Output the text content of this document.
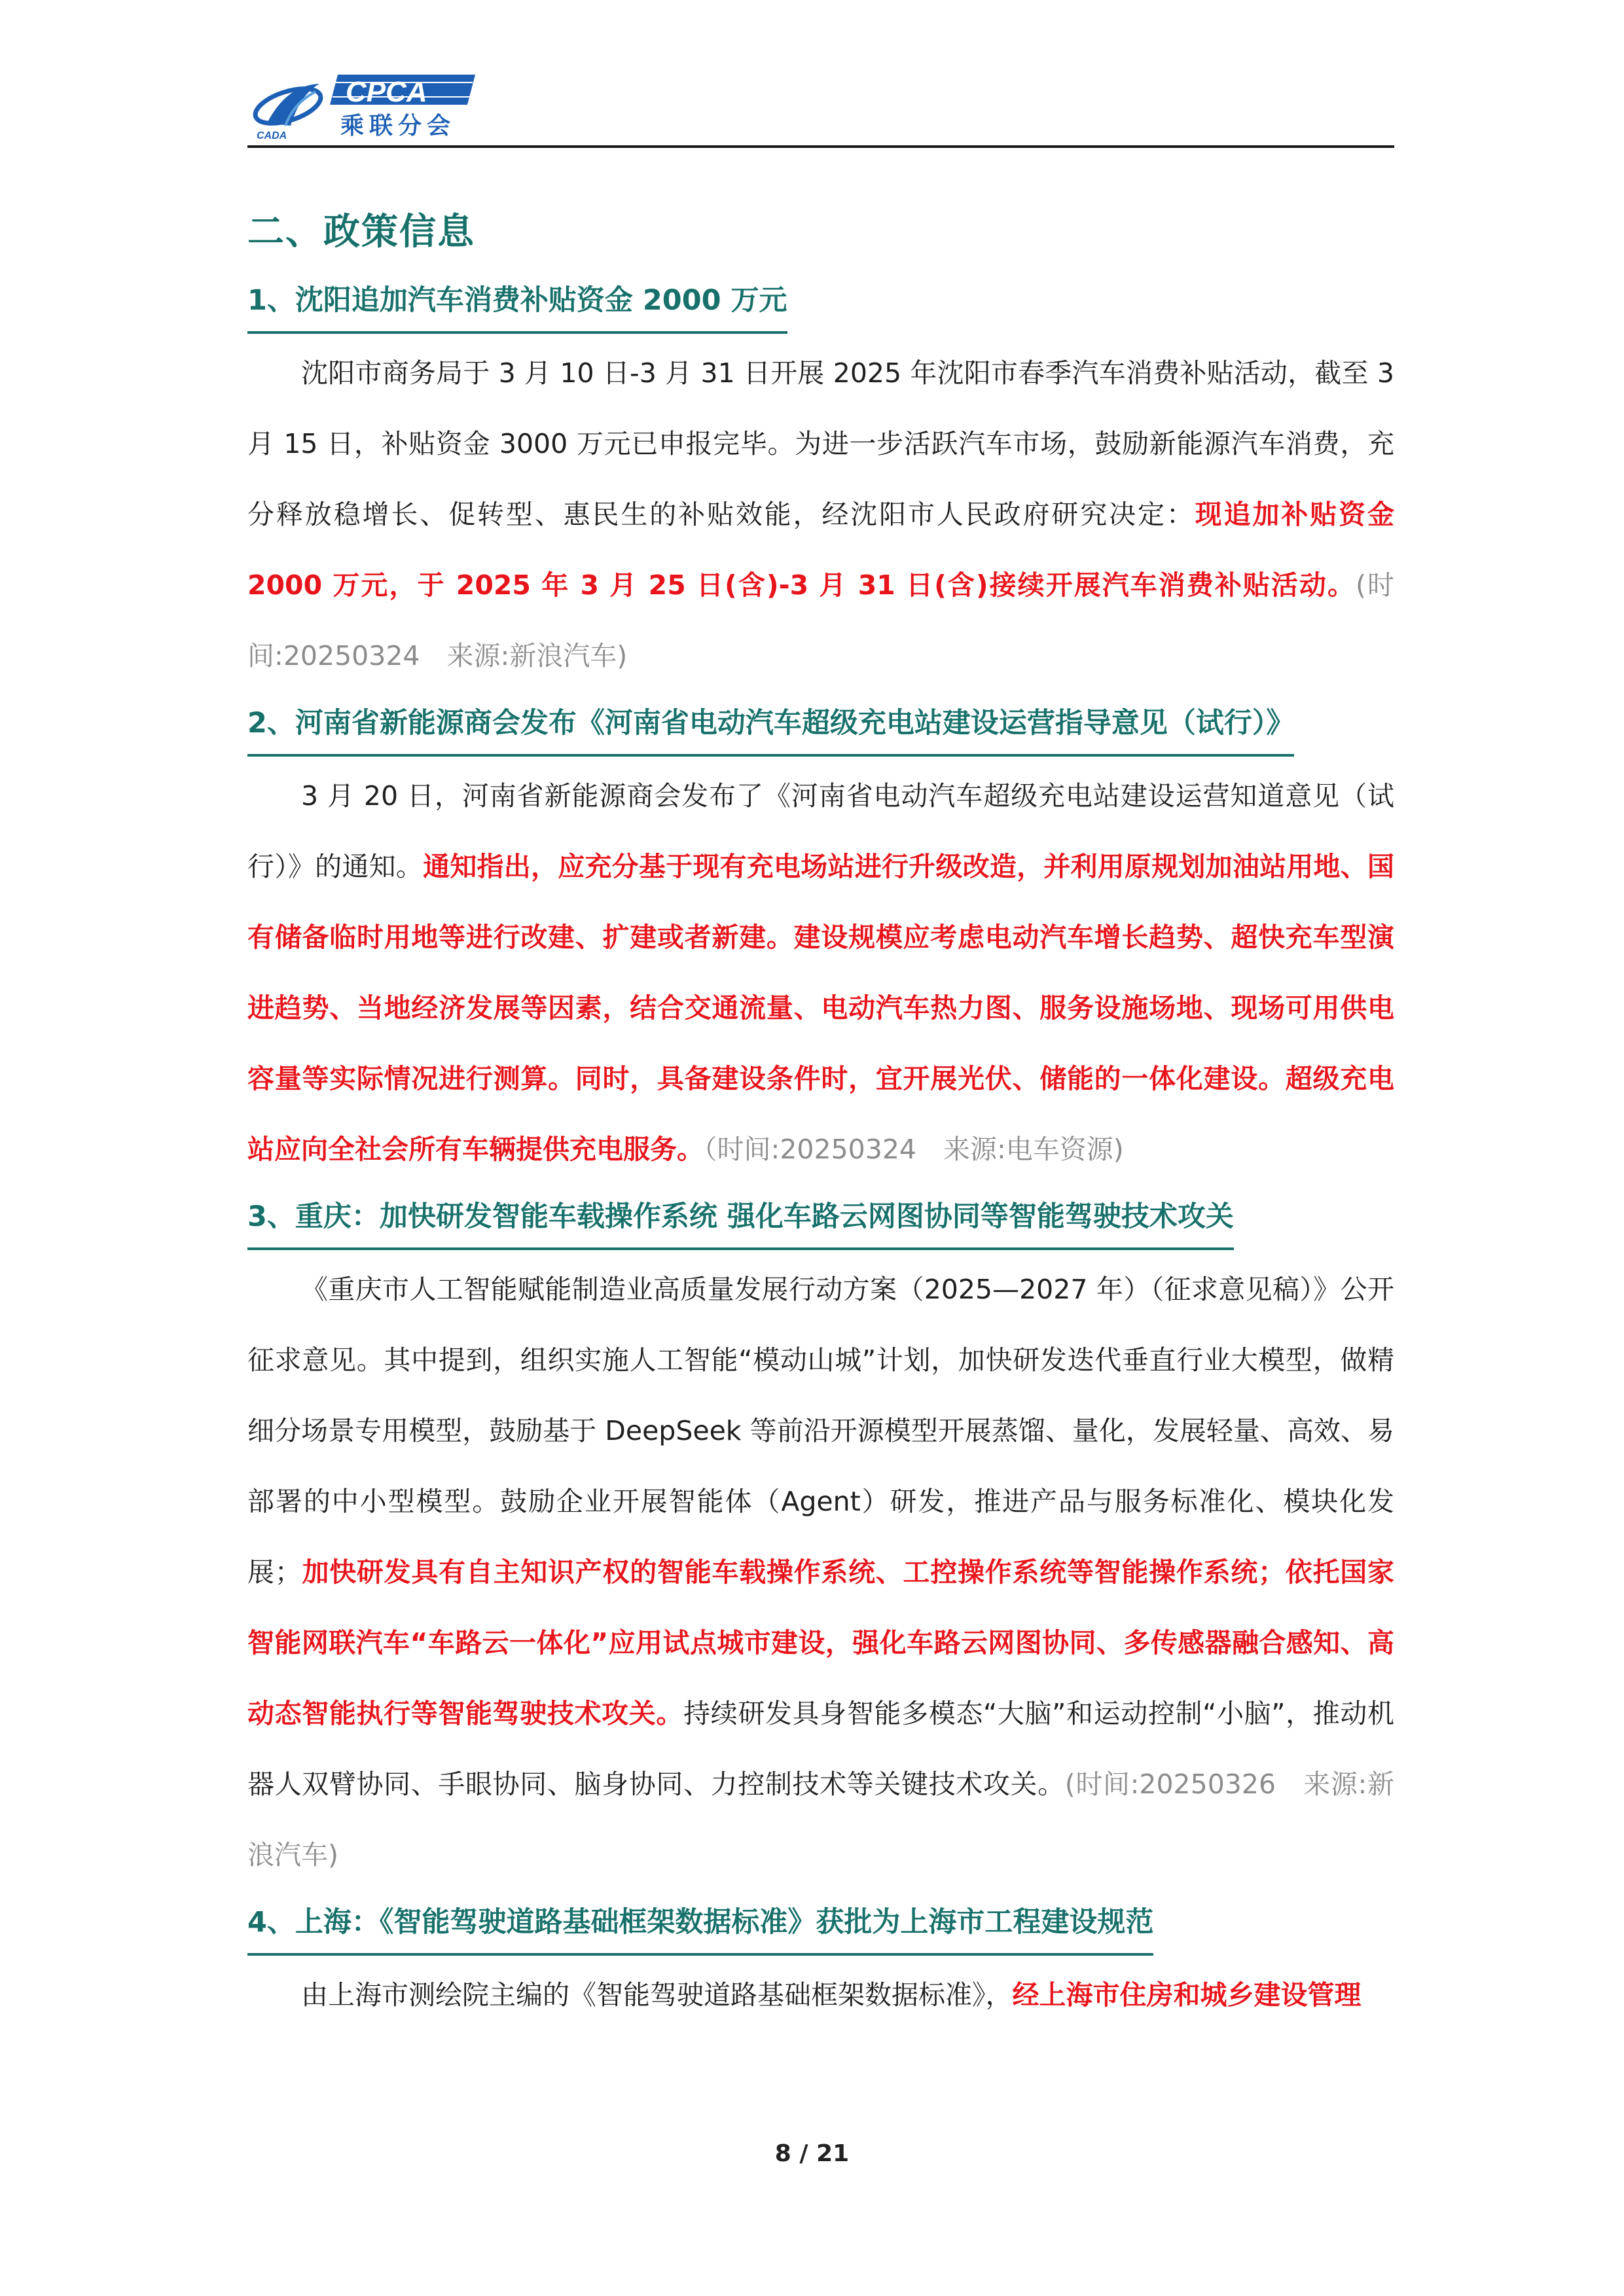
CADA
CPCA
乘联分会
二、政策信息
1、沈阳追加汽车消费补贴资金 2000 万元

沈阳市商务局于 3 月 10 日-3 月 31 日开展 2025 年沈阳市春季汽车消费补贴活动，截至 3 月 15 日，补贴资金 3000 万元已申报完毕。为进一步活跃汽车市场，鼓励新能源汽车消费，充分释放稳增长、促转型、惠民生的补贴效能，经沈阳市人民政府研究决定：现追加补贴资金 2000 万元，于 2025 年 3 月 25 日(含)-3 月 31 日(含)接续开展汽车消费补贴活动。(时间:20250324　来源:新浪汽车)

2、河南省新能源商会发布《河南省电动汽车超级充电站建设运营指导意见（试行）》

3 月 20 日，河南省新能源商会发布了《河南省电动汽车超级充电站建设运营知道意见（试行）》的通知。通知指出，应充分基于现有充电场站进行升级改造，并利用原规划加油站用地、国有储备临时用地等进行改建、扩建或者新建。建设规模应考虑电动汽车增长趋势、超快充车型演进趋势、当地经济发展等因素，结合交通流量、电动汽车热力图、服务设施场地、现场可用供电容量等实际情况进行测算。同时，具备建设条件时，宜开展光伏、储能的一体化建设。超级充电站应向全社会所有车辆提供充电服务。（时间:20250324　来源:电车资源)

3、重庆：加快研发智能车载操作系统 强化车路云网图协同等智能驾驶技术攻关

《重庆市人工智能赋能制造业高质量发展行动方案（2025—2027 年）（征求意见稿）》公开征求意见。其中提到，组织实施人工智能“模动山城”计划，加快研发迭代垂直行业大模型，做精细分场景专用模型，鼓励基于 DeepSeek 等前沿开源模型开展蒸馏、量化，发展轻量、高效、易部署的中小型模型。鼓励企业开展智能体（Agent）研发，推进产品与服务标准化、模块化发展；加快研发具有自主知识产权的智能车载操作系统、工控操作系统等智能操作系统；依托国家智能网联汽车“车路云一体化”应用试点城市建设，强化车路云网图协同、多传感器融合感知、高动态智能执行等智能驾驶技术攻关。持续研发具身智能多模态“大脑”和运动控制“小脑”，推动机器人双臂协同、手眼协同、脑身协同、力控制技术等关键技术攻关。(时间:20250326　来源:新浪汽车)

4、上海：《智能驾驶道路基础框架数据标准》获批为上海市工程建设规范

由上海市测绘院主编的《智能驾驶道路基础框架数据标准》，经上海市住房和城乡建设管理

8 / 21
